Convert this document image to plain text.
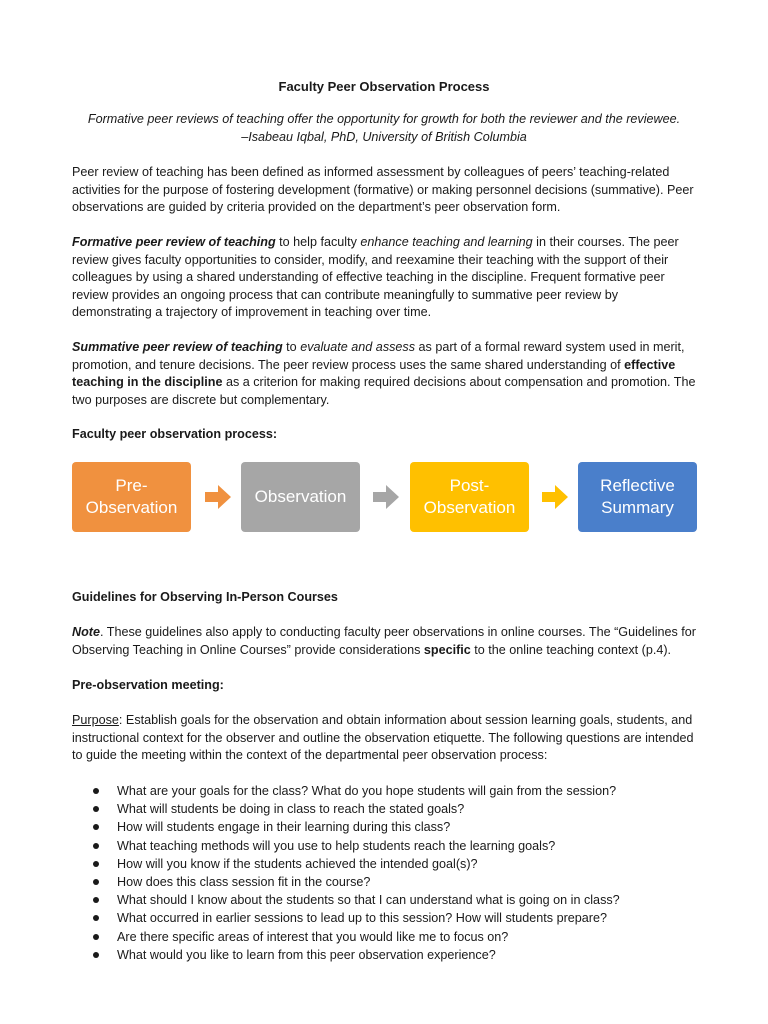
Faculty Peer Observation Process
Formative peer reviews of teaching offer the opportunity for growth for both the reviewer and the reviewee.
–Isabeau Iqbal, PhD, University of British Columbia

Peer review of teaching has been defined as informed assessment by colleagues of peers’ teaching-related activities for the purpose of fostering development (formative) or making personnel decisions (summative). Peer observations are guided by criteria provided on the department’s peer observation form.

Formative peer review of teaching to help faculty enhance teaching and learning in their courses. The peer review gives faculty opportunities to consider, modify, and reexamine their teaching with the support of their colleagues by using a shared understanding of effective teaching in the discipline. Frequent formative peer review provides an ongoing process that can contribute meaningfully to summative peer review by demonstrating a trajectory of improvement in teaching over time.

Summative peer review of teaching to evaluate and assess as part of a formal reward system used in merit, promotion, and tenure decisions. The peer review process uses the same shared understanding of effective teaching in the discipline as a criterion for making required decisions about compensation and promotion. The two purposes are discrete but complementary.

Faculty peer observation process:

Pre-
Observation
Observation
Post-
Observation
Reflective
Summary

Guidelines for Observing In-Person Courses

Note. These guidelines also apply to conducting faculty peer observations in online courses. The “Guidelines for Observing Teaching in Online Courses” provide considerations specific to the online teaching context (p.4).

Pre-observation meeting:

Purpose: Establish goals for the observation and obtain information about session learning goals, students, and instructional context for the observer and outline the observation etiquette. The following questions are intended to guide the meeting within the context of the departmental peer observation process:

What are your goals for the class? What do you hope students will gain from the session?
What will students be doing in class to reach the stated goals?
How will students engage in their learning during this class?
What teaching methods will you use to help students reach the learning goals?
How will you know if the students achieved the intended goal(s)?
How does this class session fit in the course?
What should I know about the students so that I can understand what is going on in class?
What occurred in earlier sessions to lead up to this session? How will students prepare?
Are there specific areas of interest that you would like me to focus on?
What would you like to learn from this peer observation experience?
